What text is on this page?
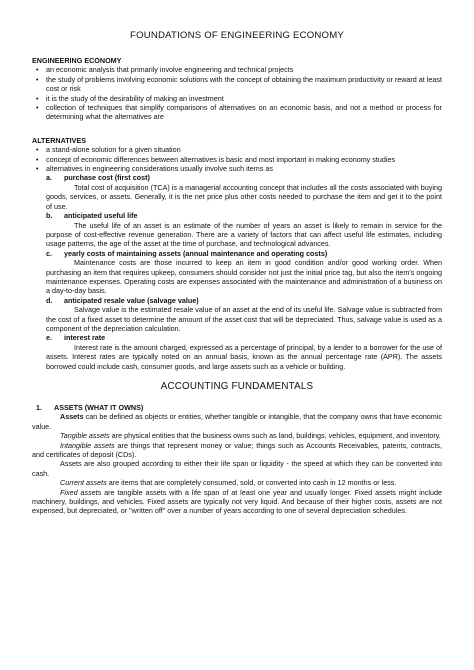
FOUNDATIONS OF ENGINEERING ECONOMY
ENGINEERING ECONOMY
• an economic analysis that primarily involve engineering and technical projects
• the study of problems involving economic solutions with the concept of obtaining the maximum productivity or reward at least cost or risk
• it is the study of the desirability of making an investment
• collection of techniques that simplify comparisons of alternatives on an economic basis, and not a method or process for determining what the alternatives are
ALTERNATIVES
• a stand-alone solution for a given situation
• concept of economic differences between alternatives is basic and most important in making economy studies
• alternatives in engineering considerations usually involve such items as
a.	purchase cost (first cost)
Total cost of acquisition (TCA) is a managerial accounting concept that includes all the costs associated with buying goods, services, or assets. Generally, it is the net price plus other costs needed to purchase the item and get it to the point of use.
b.	anticipated useful life
The useful life of an asset is an estimate of the number of years an asset is likely to remain in service for the purpose of cost-effective revenue generation. There are a variety of factors that can affect useful life estimates, including usage patterns, the age of the asset at the time of purchase, and technological advances.
c.	yearly costs of maintaining assets (annual maintenance and operating costs)
Maintenance costs are those incurred to keep an item in good condition and/or good working order. When purchasing an item that requires upkeep, consumers should consider not just the initial price tag, but also the item's ongoing maintenance expenses. Operating costs are expenses associated with the maintenance and administration of a business on a day-to-day basis.
d.	anticipated resale value (salvage value)
Salvage value is the estimated resale value of an asset at the end of its useful life. Salvage value is subtracted from the cost of a fixed asset to determine the amount of the asset cost that will be depreciated. Thus, salvage value is used as a component of the depreciation calculation.
e.	interest rate
Interest rate is the amount charged, expressed as a percentage of principal, by a lender to a borrower for the use of assets. Interest rates are typically noted on an annual basis, known as the annual percentage rate (APR). The assets borrowed could include cash, consumer goods, and large assets such as a vehicle or building.
ACCOUNTING FUNDAMENTALS
1.	ASSETS (WHAT IT OWNS)
Assets can be defined as objects or entities, whether tangible or intangible, that the company owns that have economic value.
Tangible assets are physical entities that the business owns such as land, buildings, vehicles, equipment, and inventory.
Intangible assets are things that represent money or value; things such as Accounts Receivables, patents, contracts, and certificates of deposit (CDs).
Assets are also grouped according to either their life span or liquidity - the speed at which they can be converted into cash.
Current assets are items that are completely consumed, sold, or converted into cash in 12 months or less.
Fixed assets are tangible assets with a life span of at least one year and usually longer. Fixed assets might include machinery, buildings, and vehicles. Fixed assets are typically not very liquid. And because of their higher costs, assets are not expensed, but depreciated, or "written off" over a number of years according to one of several depreciation schedules.
